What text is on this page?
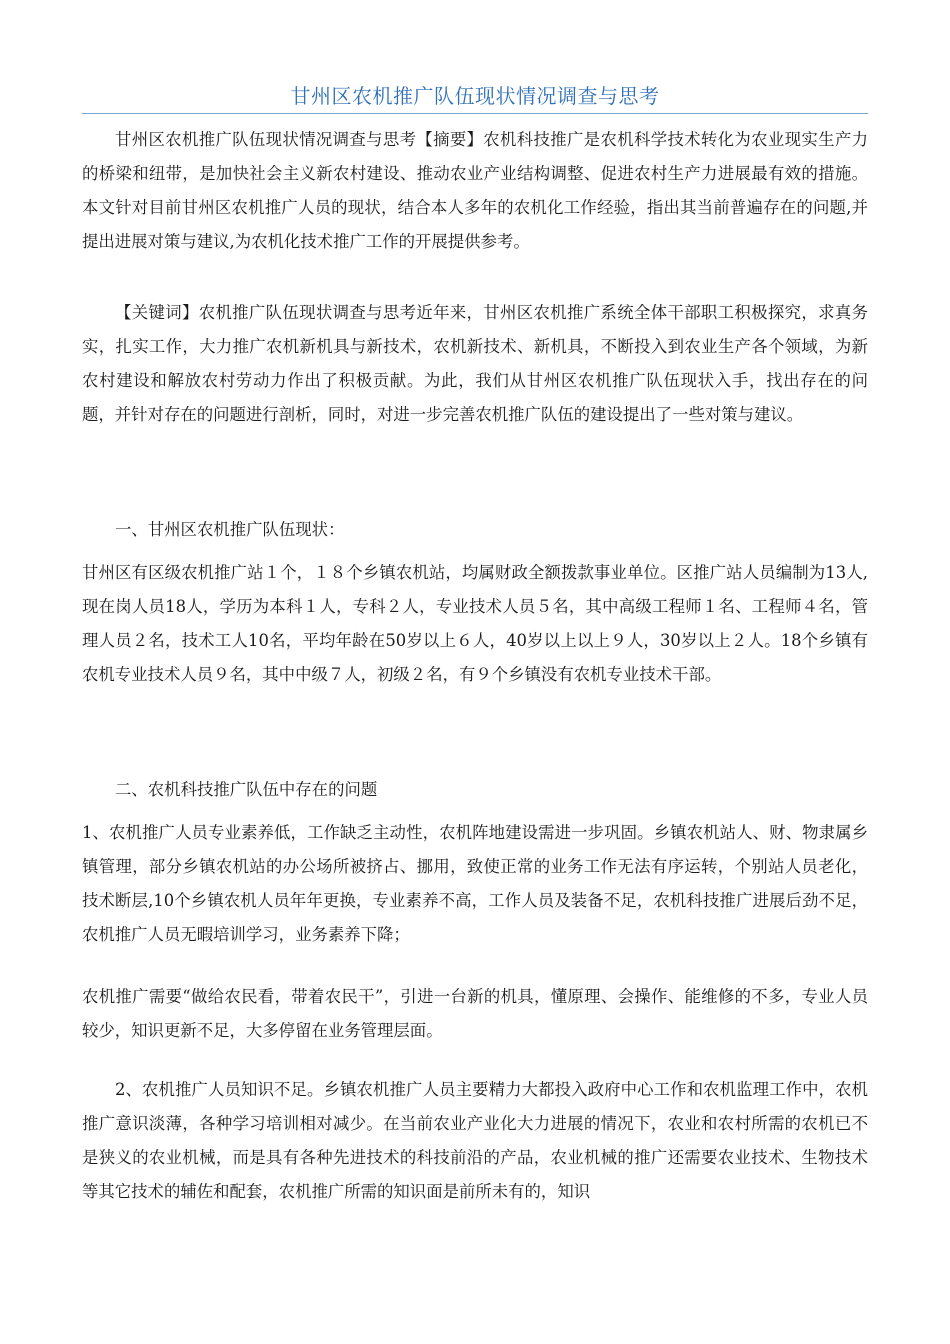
甘州区农机推广队伍现状情况调查与思考

甘州区农机推广队伍现状情况调查与思考【摘要】农机科技推广是农机科学技术转化为农业现实生产力的桥梁和纽带，是加快社会主义新农村建设、推动农业产业结构调整、促进农村生产力进展最有效的措施。本文针对目前甘州区农机推广人员的现状，结合本人多年的农机化工作经验，指出其当前普遍存在的问题,并提出进展对策与建议,为农机化技术推广工作的开展提供参考。

【关键词】农机推广队伍现状调查与思考近年来，甘州区农机推广系统全体干部职工积极探究，求真务实，扎实工作，大力推广农机新机具与新技术，农机新技术、新机具，不断投入到农业生产各个领域，为新农村建设和解放农村劳动力作出了积极贡献。为此，我们从甘州区农机推广队伍现状入手，找出存在的问题，并针对存在的问题进行剖析，同时，对进一步完善农机推广队伍的建设提出了一些对策与建议。

一、甘州区农机推广队伍现状：

甘州区有区级农机推广站１个，１８个乡镇农机站，均属财政全额拨款事业单位。区推广站人员编制为13人,现在岗人员18人，学历为本科１人，专科２人，专业技术人员５名，其中高级工程师１名、工程师４名，管理人员２名，技术工人10名，平均年龄在50岁以上６人，40岁以上以上９人，30岁以上２人。18个乡镇有农机专业技术人员９名，其中中级７人，初级２名，有９个乡镇没有农机专业技术干部。

二、农机科技推广队伍中存在的问题

1、农机推广人员专业素养低，工作缺乏主动性，农机阵地建设需进一步巩固。乡镇农机站人、财、物隶属乡镇管理，部分乡镇农机站的办公场所被挤占、挪用，致使正常的业务工作无法有序运转，个别站人员老化，技术断层,10个乡镇农机人员年年更换，专业素养不高，工作人员及装备不足，农机科技推广进展后劲不足，农机推广人员无暇培训学习，业务素养下降；

农机推广需要“做给农民看，带着农民干”，引进一台新的机具，懂原理、会操作、能维修的不多，专业人员较少，知识更新不足，大多停留在业务管理层面。

2、农机推广人员知识不足。乡镇农机推广人员主要精力大都投入政府中心工作和农机监理工作中，农机推广意识淡薄，各种学习培训相对减少。在当前农业产业化大力进展的情况下，农业和农村所需的农机已不是狭义的农业机械，而是具有各种先进技术的科技前沿的产品，农业机械的推广还需要农业技术、生物技术等其它技术的辅佐和配套，农机推广所需的知识面是前所未有的，知识
